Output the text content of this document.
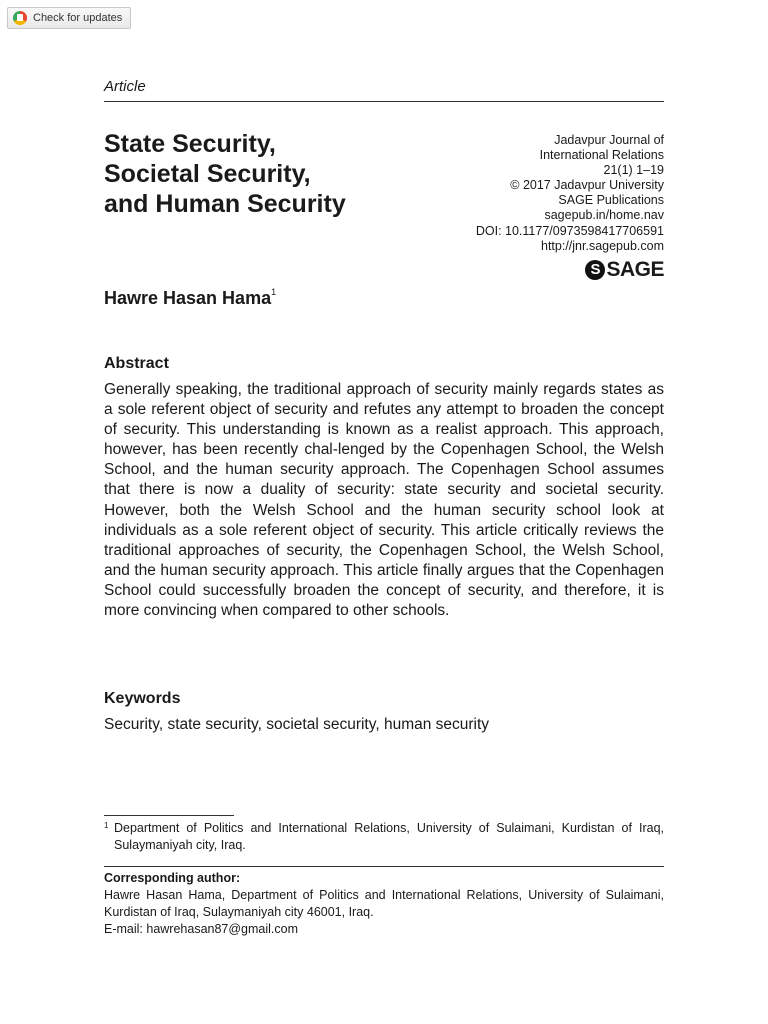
Check for updates
Article
State Security,
Societal Security,
and Human Security
Jadavpur Journal of
International Relations
21(1) 1–19
© 2017 Jadavpur University
SAGE Publications
sagepub.in/home.nav
DOI: 10.1177/0973598417706591
http://jnr.sagepub.com
S SAGE
Hawre Hasan Hama$^1$
Abstract

Generally speaking, the traditional approach of security mainly regards states as a sole referent object of security and refutes any attempt to broaden the concept of security. This understanding is known as a realist approach. This approach, however, has been recently chal-lenged by the Copenhagen School, the Welsh School, and the human security approach. The Copenhagen School assumes that there is now a duality of security: state security and societal security. However, both the Welsh School and the human security school look at individuals as a sole referent object of security. This article critically reviews the traditional approaches of security, the Copenhagen School, the Welsh School, and the human security approach. This article finally argues that the Copenhagen School could successfully broaden the concept of security, and therefore, it is more convincing when compared to other schools.

Keywords
Security, state security, societal security, human security
1 Department of Politics and International Relations, University of Sulaimani, Kurdistan of Iraq, Sulaymaniyah city, Iraq.
Corresponding author:

Hawre Hasan Hama, Department of Politics and International Relations, University of Sulaimani, Kurdistan of Iraq, Sulaymaniyah city 46001, Iraq.

E-mail: hawrehasan87@gmail.com
